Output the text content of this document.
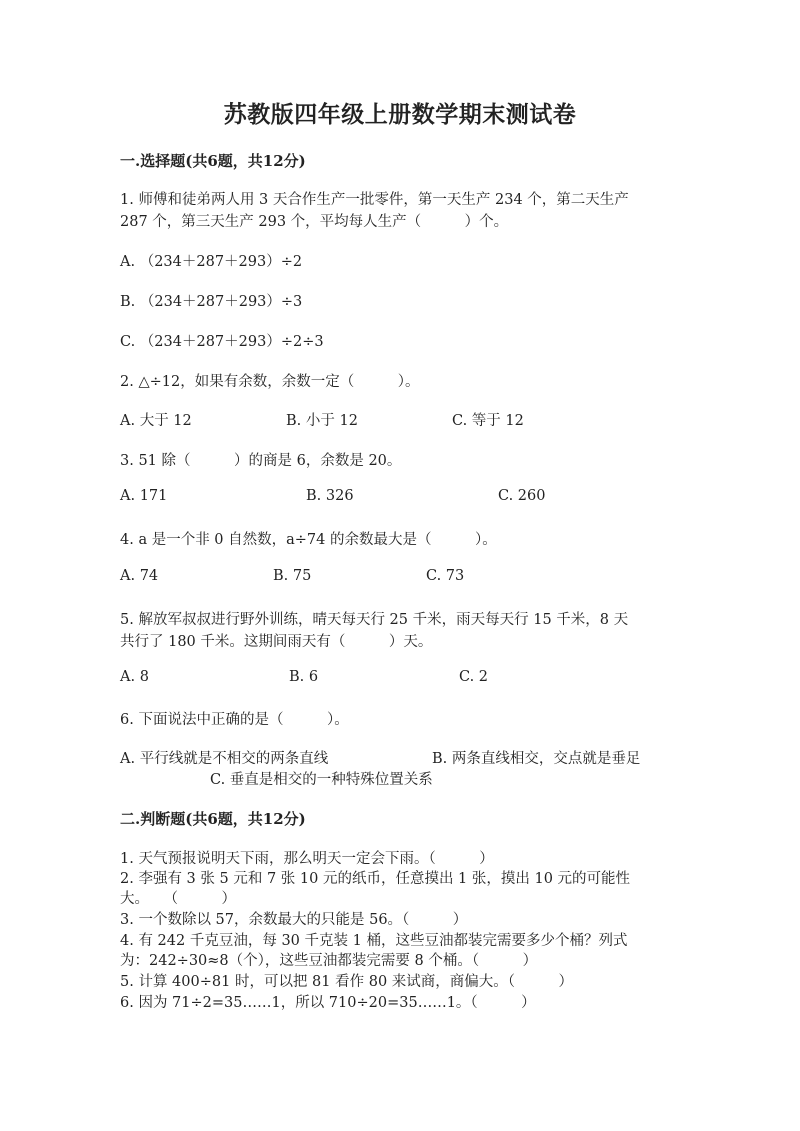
苏教版四年级上册数学期末测试卷
一.选择题(共6题，共12分)
1. 师傅和徒弟两人用 3 天合作生产一批零件，第一天生产 234 个，第二天生产
287 个，第三天生产 293 个，平均每人生产（　　　）个。
A. （234＋287＋293）÷2
B. （234＋287＋293）÷3
C. （234＋287＋293）÷2÷3
2. △÷12，如果有余数，余数一定（　　　）。
A. 大于 12	B. 小于 12	C. 等于 12
3. 51 除（　　　）的商是 6，余数是 20。
A. 171	B. 326	C. 260
4. a 是一个非 0 自然数，a÷74 的余数最大是（　　　）。
A. 74	B. 75	C. 73
5. 解放军叔叔进行野外训练，晴天每天行 25 千米，雨天每天行 15 千米，8 天
共行了 180 千米。这期间雨天有（　　　）天。
A. 8	B. 6	C. 2
6. 下面说法中正确的是（　　　）。
A. 平行线就是不相交的两条直线	B. 两条直线相交，交点就是垂足
C. 垂直是相交的一种特殊位置关系
二.判断题(共6题，共12分)
1. 天气预报说明天下雨，那么明天一定会下雨。（　　　）
2. 李强有 3 张 5 元和 7 张 10 元的纸币，任意摸出 1 张，摸出 10 元的可能性
大。　　（　　　）
3. 一个数除以 57，余数最大的只能是 56。（　　　）
4. 有 242 千克豆油，每 30 千克装 1 桶，这些豆油都装完需要多少个桶？列式
为：242÷30≈8（个），这些豆油都装完需要 8 个桶。（　　　）
5. 计算 400÷81 时，可以把 81 看作 80 来试商，商偏大。（　　　）
6. 因为 71÷2=35……1，所以 710÷20=35……1。（　　　）
